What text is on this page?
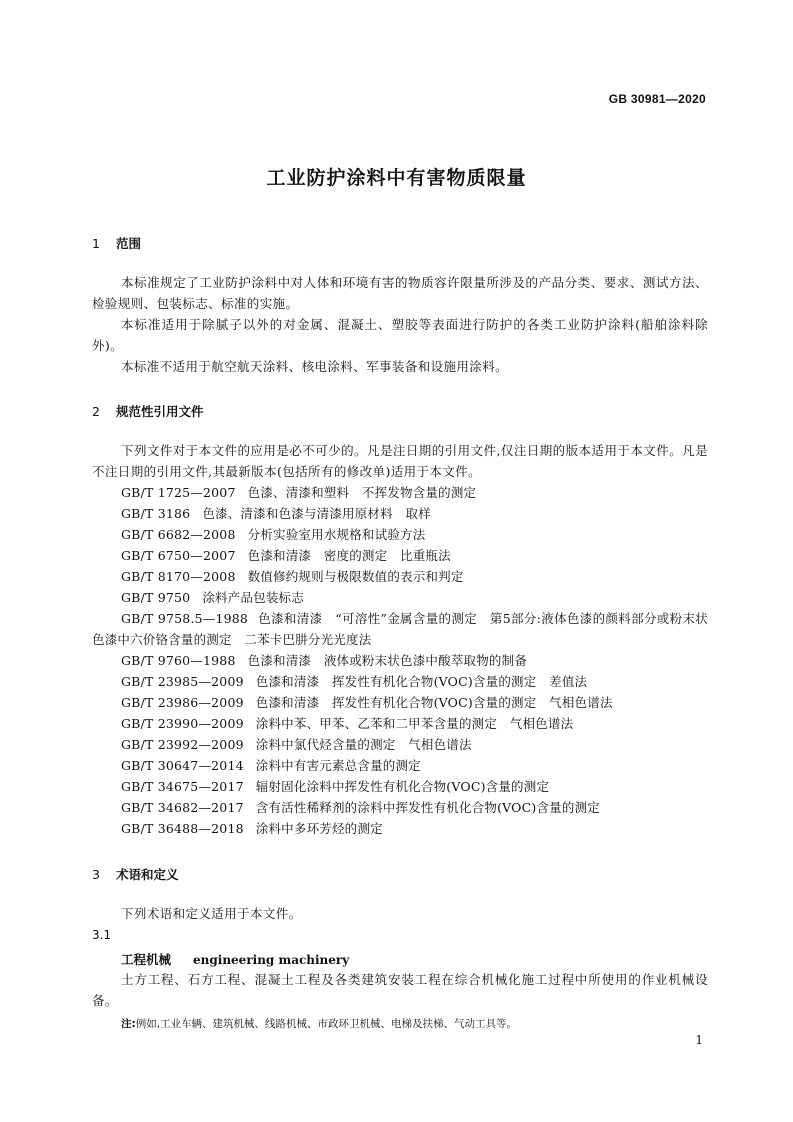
GB 30981—2020
工业防护涂料中有害物质限量
1 范围
本标准规定了工业防护涂料中对人体和环境有害的物质容许限量所涉及的产品分类、要求、测试方法、检验规则、包装标志、标准的实施。
本标准适用于除腻子以外的对金属、混凝土、塑胶等表面进行防护的各类工业防护涂料(船舶涂料除外)。
本标准不适用于航空航天涂料、核电涂料、军事装备和设施用涂料。
2 规范性引用文件
下列文件对于本文件的应用是必不可少的。凡是注日期的引用文件,仅注日期的版本适用于本文件。凡是不注日期的引用文件,其最新版本(包括所有的修改单)适用于本文件。
GB/T 1725—2007 色漆、清漆和塑料　不挥发物含量的测定
GB/T 3186 色漆、清漆和色漆与清漆用原材料　取样
GB/T 6682—2008 分析实验室用水规格和试验方法
GB/T 6750—2007 色漆和清漆　密度的测定　比重瓶法
GB/T 8170—2008 数值修约规则与极限数值的表示和判定
GB/T 9750 涂料产品包装标志
GB/T 9758.5—1988 色漆和清漆　“可溶性”金属含量的测定　第5部分:液体色漆的颜料部分或粉末状色漆中六价铬含量的测定　二苯卡巴肼分光光度法
GB/T 9760—1988 色漆和清漆　液体或粉末状色漆中酸萃取物的制备
GB/T 23985—2009 色漆和清漆　挥发性有机化合物(VOC)含量的测定　差值法
GB/T 23986—2009 色漆和清漆　挥发性有机化合物(VOC)含量的测定　气相色谱法
GB/T 23990—2009 涂料中苯、甲苯、乙苯和二甲苯含量的测定　气相色谱法
GB/T 23992—2009 涂料中氯代烃含量的测定　气相色谱法
GB/T 30647—2014 涂料中有害元素总含量的测定
GB/T 34675—2017 辐射固化涂料中挥发性有机化合物(VOC)含量的测定
GB/T 34682—2017 含有活性稀释剂的涂料中挥发性有机化合物(VOC)含量的测定
GB/T 36488—2018 涂料中多环芳烃的测定
3 术语和定义
下列术语和定义适用于本文件。
3.1
工程机械 engineering machinery
土方工程、石方工程、混凝土工程及各类建筑安装工程在综合机械化施工过程中所使用的作业机械设备。
注:例如,工业车辆、建筑机械、线路机械、市政环卫机械、电梯及扶梯、气动工具等。
1
